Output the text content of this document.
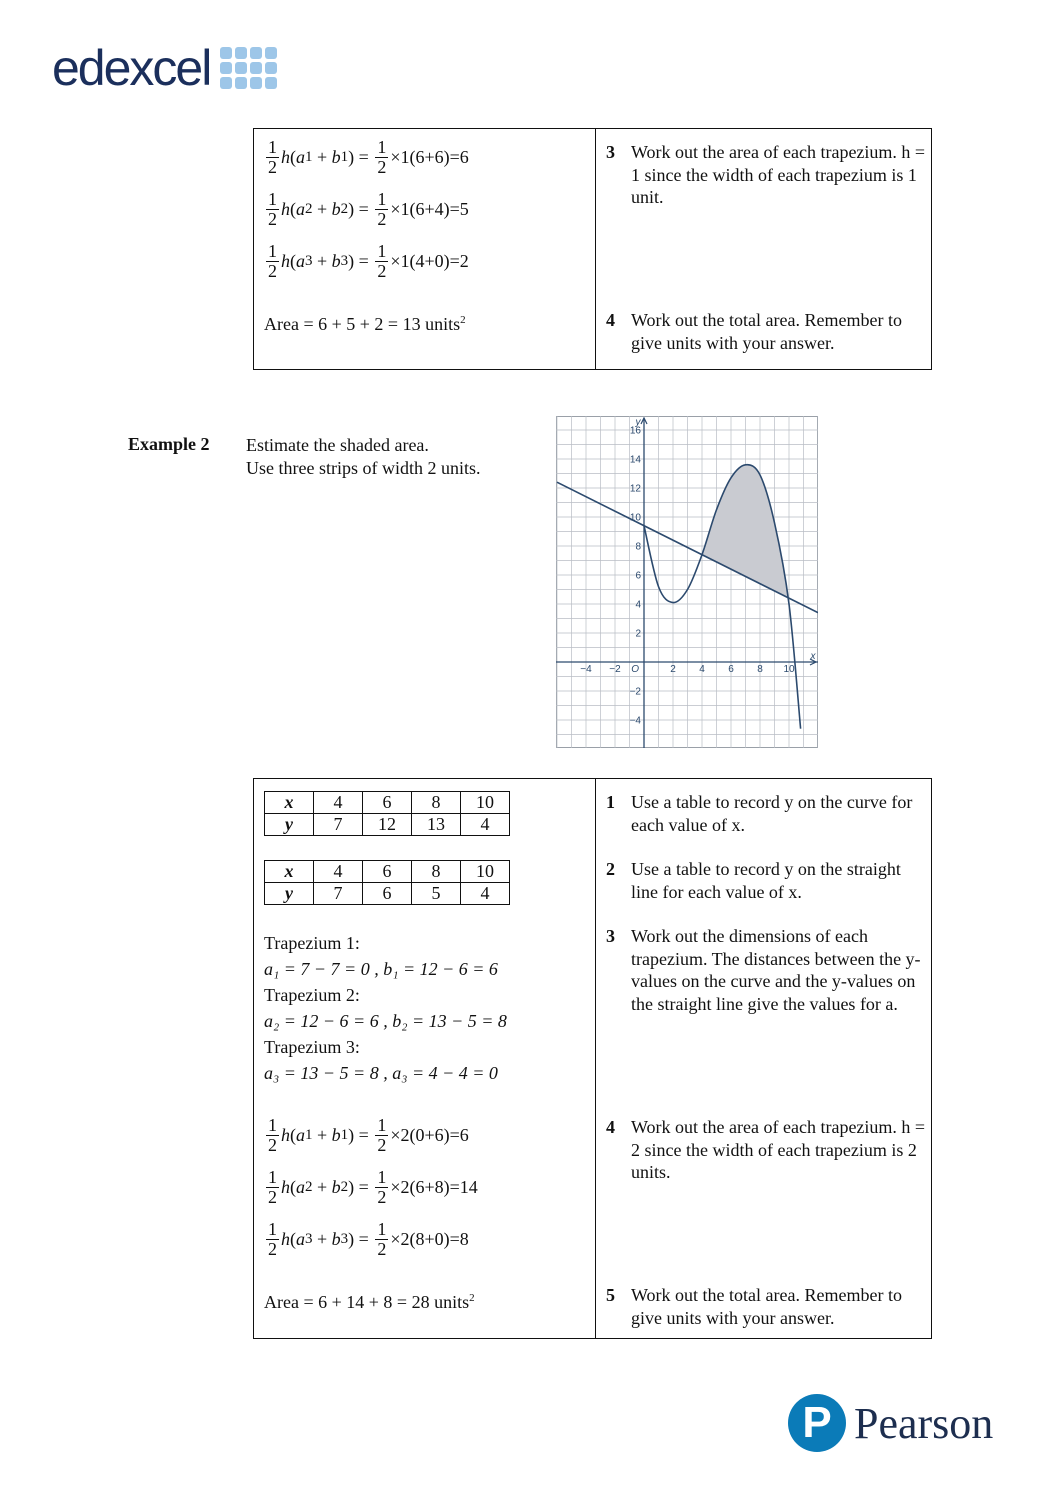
edexcel
$\frac{1}{2}$ h ( a 1 + b 1 ) = $\frac{1}{2} \times 1(6+6)=6$
$\frac{1}{2}$ h ( a 2 + b 2 ) = $\frac{1}{2} \times 1(6+4)=5$
$\frac{1}{2}$ h ( a 3 + b 3 ) = $\frac{1}{2} \times 1(4+0)=2$
Area = 6 + 5 + 2 = 13 units$^2$
3 Work out the area of each trapezium. h = 1 since the width of each trapezium is 1 unit.
4 Work out the total area. Remember to give units with your answer.
Example 2 Estimate the shaded area.
Use three strips of width 2 units.
−4 −2	2 4 6 8 10
−4
−2
2
4
6
8
10
12
14
16
O
x
y
x	4	6	8	10
y	7	12	13	4
x	4	6	8	10
y	7	6	5	4
Trapezium 1:
a₁ = 7 − 7 = 0 , b₁ = 12 − 6 = 6
Trapezium 2:
a₂ = 12 − 6 = 6 , b₂ = 13 − 5 = 8
Trapezium 3:
a₃ = 13 − 5 = 8 , a₃ = 4 − 4 = 0
$\frac{1}{2}$ h ( a 1 + b 1 ) = $\frac{1}{2} \times 2(0+6)=6$
$\frac{1}{2}$ h ( a 2 + b 2 ) = $\frac{1}{2} \times 2(6+8)=14$
$\frac{1}{2}$ h ( a 3 + b 3 ) = $\frac{1}{2} \times 2(8+0)=8$
Area = 6 + 14 + 8 = 28 units$^2$
1 Use a table to record y on the curve for each value of x.
2 Use a table to record y on the straight line for each value of x.
3 Work out the dimensions of each trapezium. The distances between the y-values on the curve and the y-values on the straight line give the values for a.
4 Work out the area of each trapezium. h = 2 since the width of each trapezium is 2 units.
5 Work out the total area. Remember to give units with your answer.
P Pearson
